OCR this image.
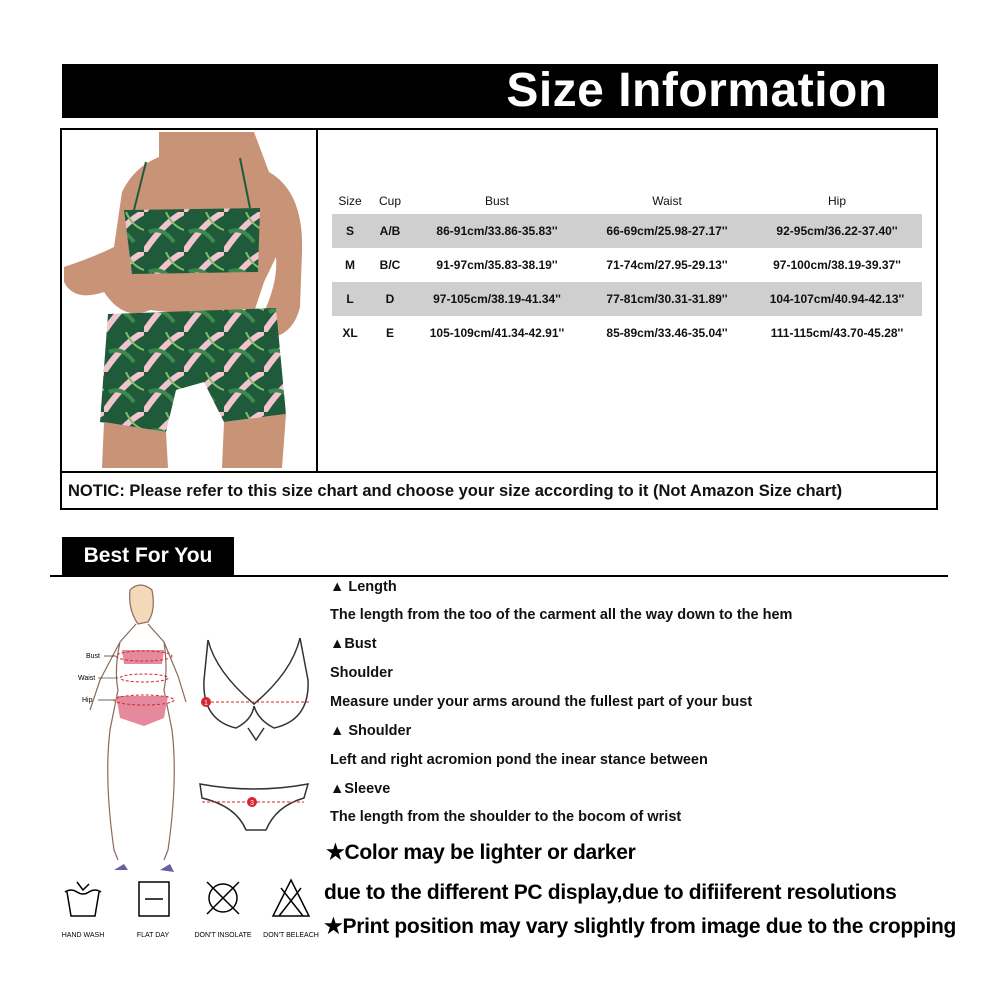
Size Information
Size	Cup	Bust	Waist	Hip
S	A/B	86-91cm/33.86-35.83''	66-69cm/25.98-27.17''	92-95cm/36.22-37.40''
M	B/C	91-97cm/35.83-38.19''	71-74cm/27.95-29.13''	97-100cm/38.19-39.37''
L	D	97-105cm/38.19-41.34''	77-81cm/30.31-31.89''	104-107cm/40.94-42.13''
XL	E	105-109cm/41.34-42.91''	85-89cm/33.46-35.04''	111-115cm/43.70-45.28''
NOTIC: Please refer to this size chart and choose your size according to it (Not Amazon Size chart)
Best For You
Bust
Waist
Hip	1
3
▲ Length
The length from the too of the carment all the way down to the hem
▲Bust
Shoulder
Measure under your arms around the fullest part of your bust
▲ Shoulder
Left and right acromion pond the inear stance between
▲Sleeve
The length from the shoulder to the bocom of wrist
★Color may be lighter or darker
due to the different PC display,due to difiiferent resolutions
★Print position may vary slightly from image due to the cropping
HAND WASH	FLAT DAY	DON'T INSOLATE	DON'T BELEACH
